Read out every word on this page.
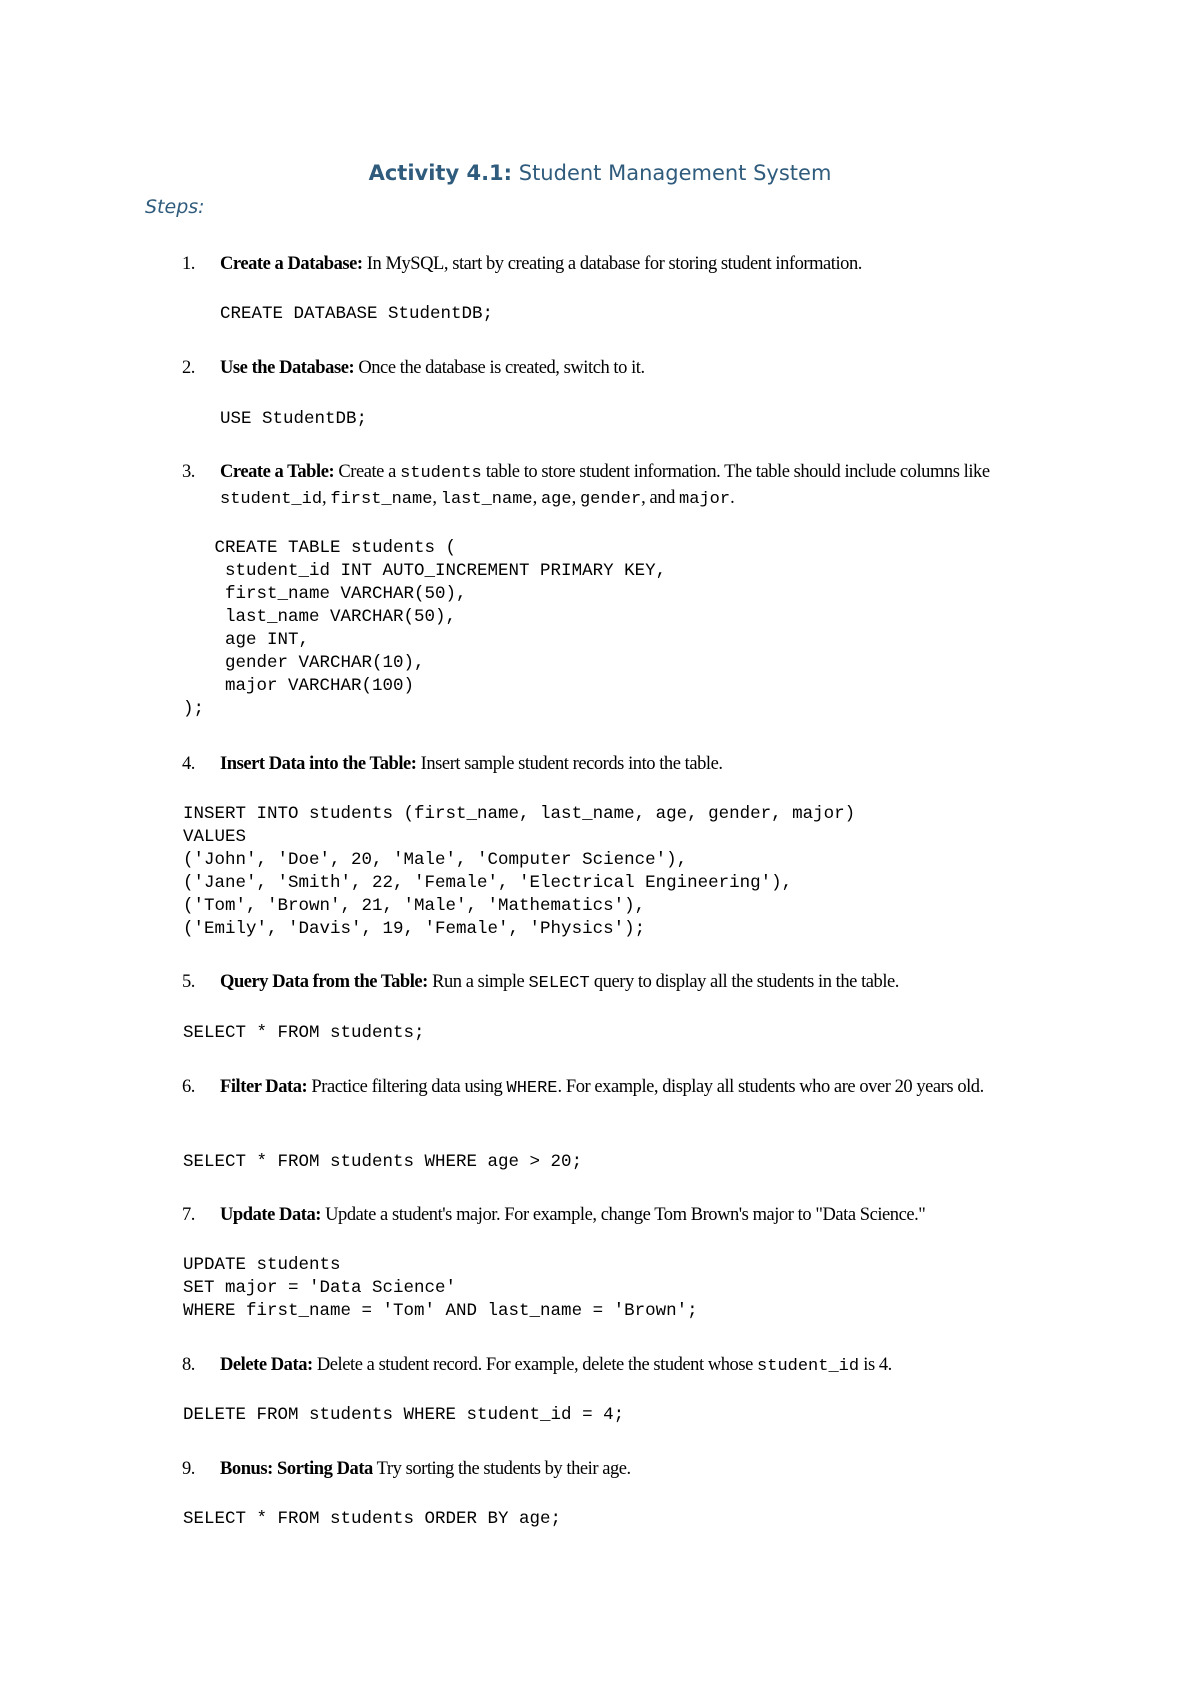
Activity 4.1: Student Management System
Steps:
1. Create a Database: In MySQL, start by creating a database for storing student information.
CREATE DATABASE StudentDB;
2. Use the Database: Once the database is created, switch to it.
USE StudentDB;
3. Create a Table: Create a students table to store student information. The table should include columns like student_id, first_name, last_name, age, gender, and major.
CREATE TABLE students (
student_id INT AUTO_INCREMENT PRIMARY KEY,
first_name VARCHAR(50),
last_name VARCHAR(50),
age INT,
gender VARCHAR(10),
major VARCHAR(100)
);
4. Insert Data into the Table: Insert sample student records into the table.
INSERT INTO students (first_name, last_name, age, gender, major)
VALUES
('John', 'Doe', 20, 'Male', 'Computer Science'),
('Jane', 'Smith', 22, 'Female', 'Electrical Engineering'),
('Tom', 'Brown', 21, 'Male', 'Mathematics'),
('Emily', 'Davis', 19, 'Female', 'Physics');
5. Query Data from the Table: Run a simple SELECT query to display all the students in the table.
SELECT * FROM students;
6. Filter Data: Practice filtering data using WHERE. For example, display all students who are over 20 years old.
SELECT * FROM students WHERE age > 20;
7. Update Data: Update a student's major. For example, change Tom Brown's major to "Data Science."
UPDATE students
SET major = 'Data Science'
WHERE first_name = 'Tom' AND last_name = 'Brown';
8. Delete Data: Delete a student record. For example, delete the student whose student_id is 4.
DELETE FROM students WHERE student_id = 4;
9. Bonus: Sorting Data Try sorting the students by their age.
SELECT * FROM students ORDER BY age;
